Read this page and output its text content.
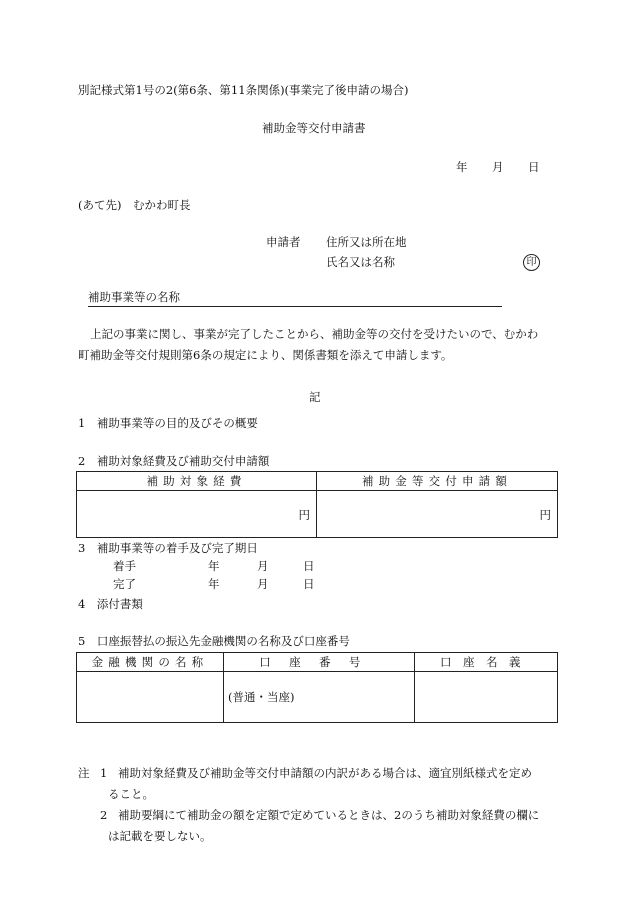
別記様式第1号の2(第6条、第11条関係)(事業完了後申請の場合)
補助金等交付申請書
年 月 日
(あて先)　むかわ町長
申請者 住所又は所在地
氏名又は名称	印
補助事業等の名称
上記の事業に関し、事業が完了したことから、補助金等の交付を受けたいので、むかわ
町補助金等交付規則第6条の規定により、関係書類を添えて申請します。
記
1　補助事業等の目的及びその概要
2　補助対象経費及び補助交付申請額
補助対象経費	補助金等交付申請額
円	円
3　補助事業等の着手及び完了期日
着手	年	月	日
完了	年	月	日
4　添付書類
5　口座振替払の振込先金融機関の名称及び口座番号
金融機関の名称	口座番号	口座名義
	(普通・当座)	
注 1 補助対象経費及び補助金等交付申請額の内訳がある場合は、適宜別紙様式を定め
ること。
2 補助要綱にて補助金の額を定額で定めているときは、2のうち補助対象経費の欄に
は記載を要しない。
